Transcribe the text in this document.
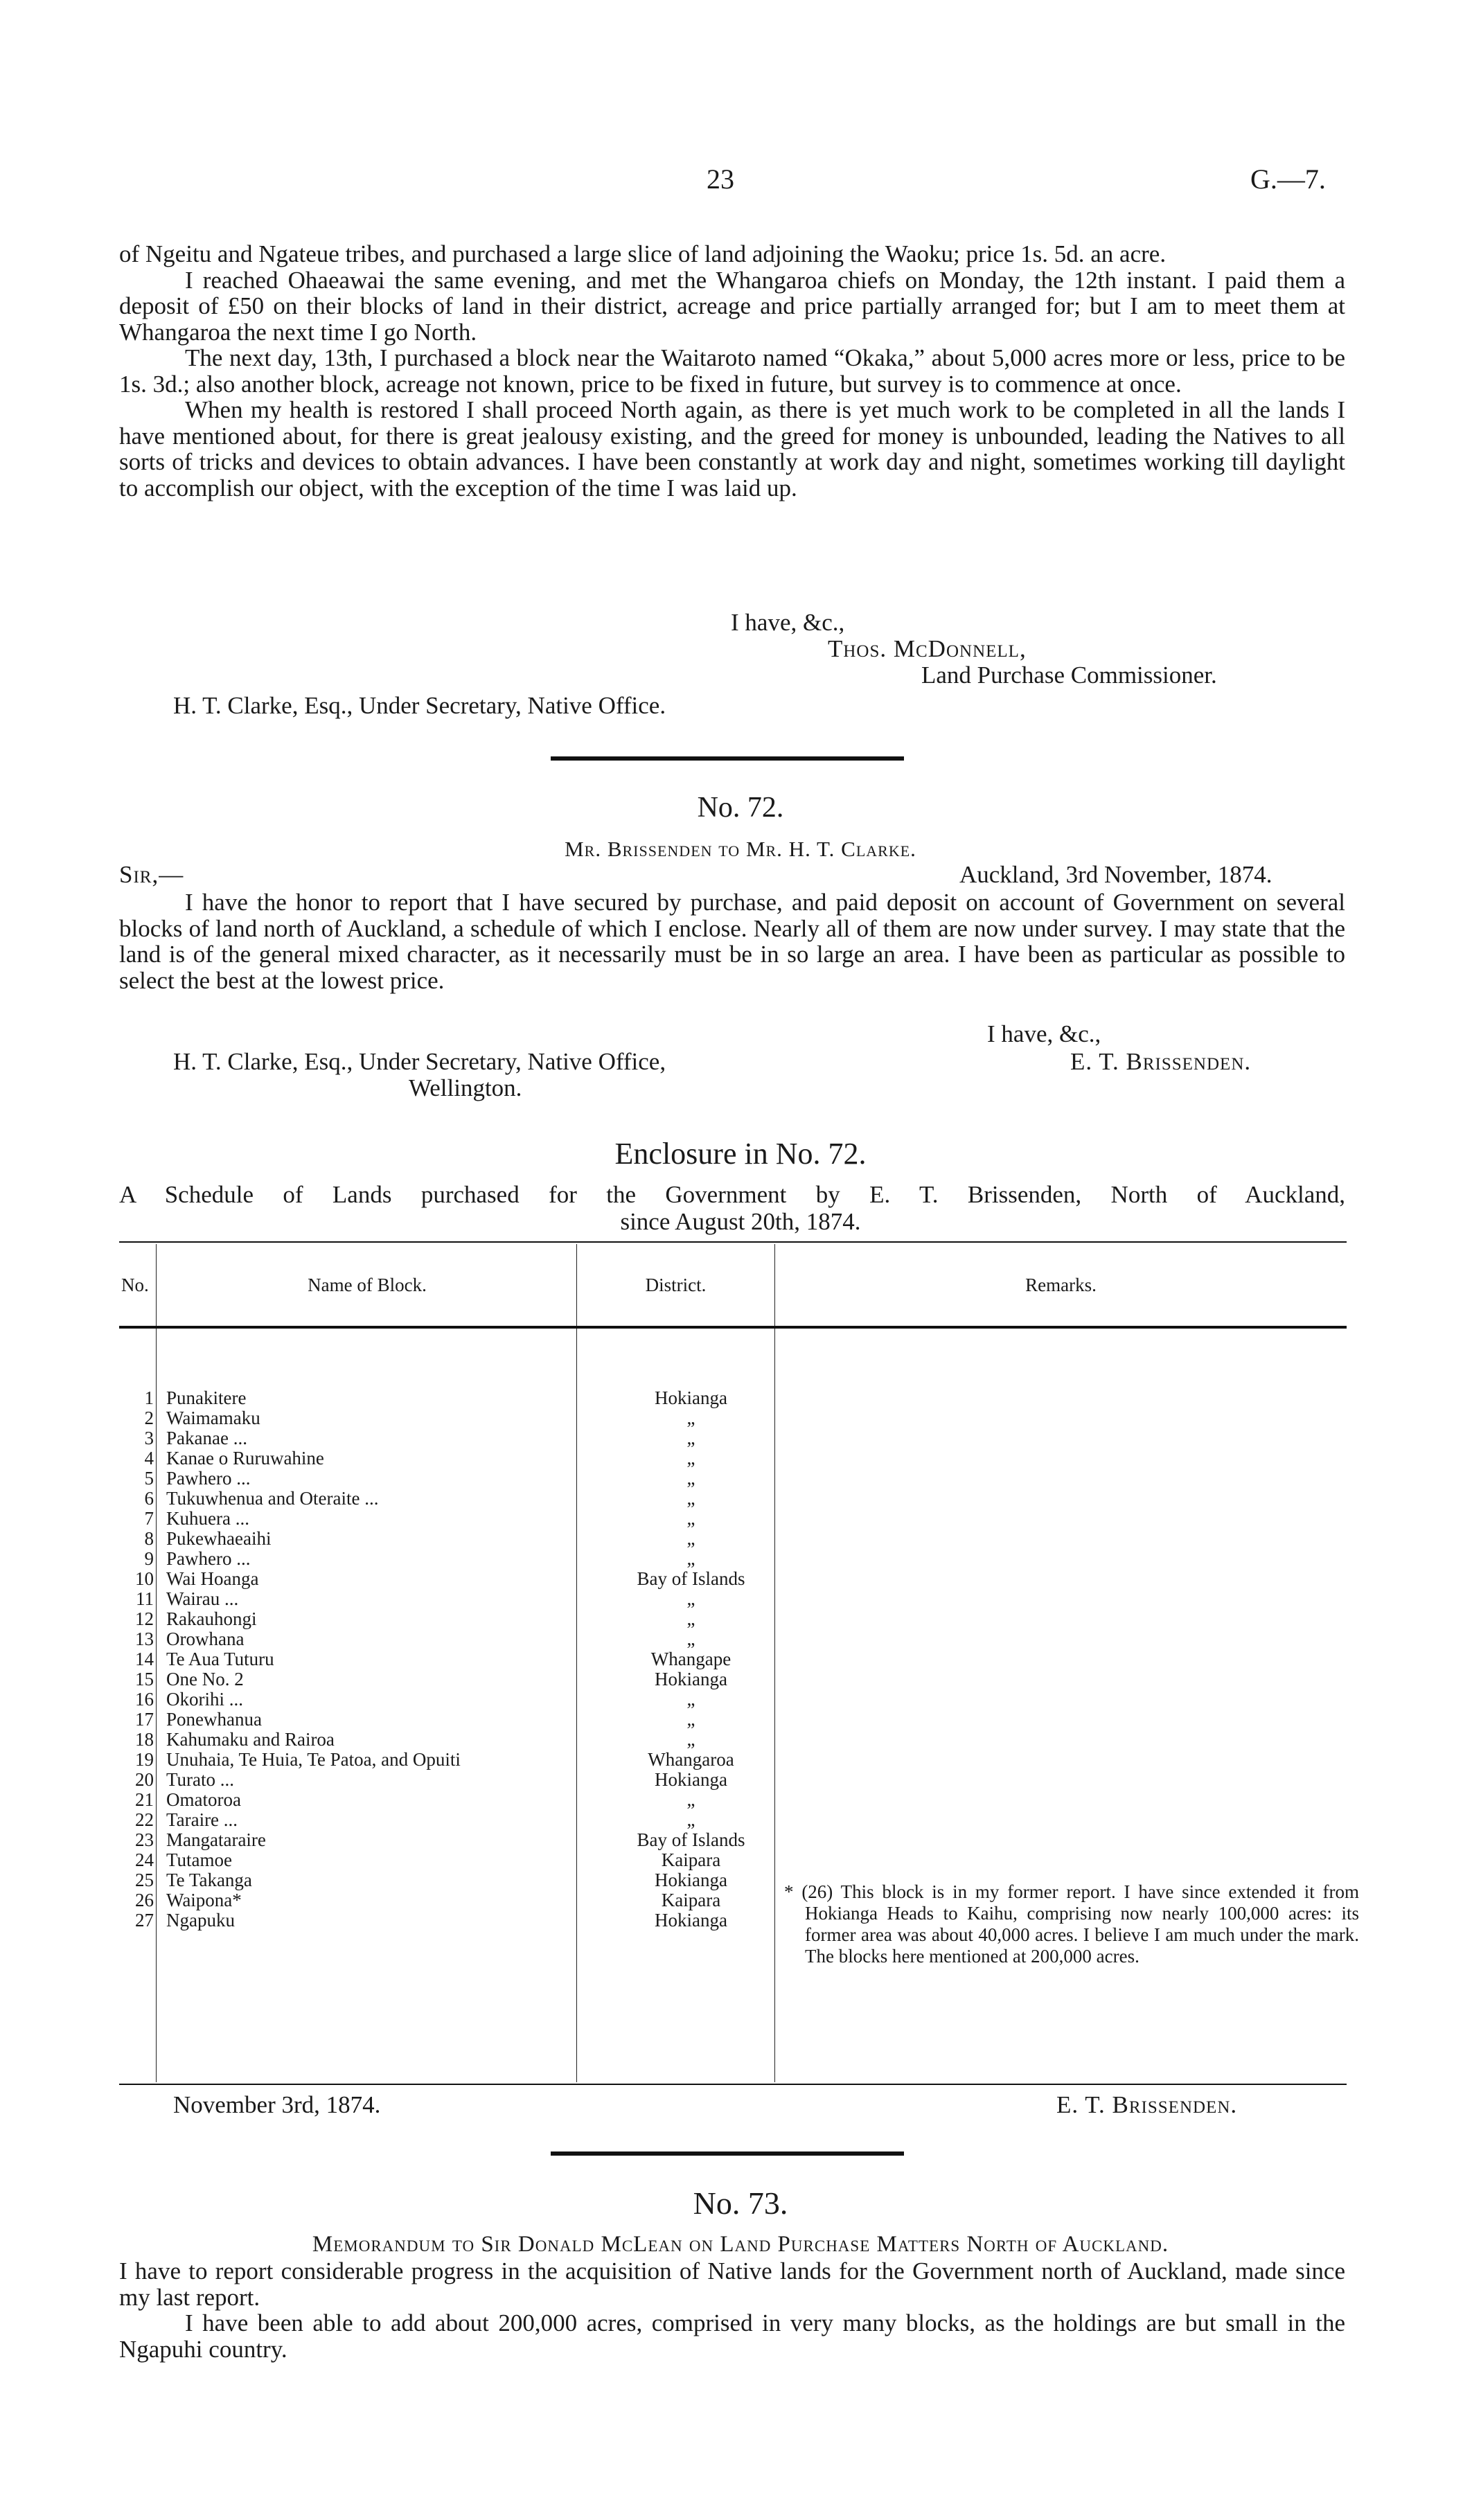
23	G.—7.

of Ngeitu and Ngateue tribes, and purchased a large slice of land adjoining the Waoku; price 1s. 5d. an acre.

I reached Ohaeawai the same evening, and met the Whangaroa chiefs on Monday, the 12th instant. I paid them a deposit of £50 on their blocks of land in their district, acreage and price partially arranged for; but I am to meet them at Whangaroa the next time I go North.

The next day, 13th, I purchased a block near the Waitaroto named “Okaka,” about 5,000 acres more or less, price to be 1s. 3d.; also another block, acreage not known, price to be fixed in future, but survey is to commence at once.

When my health is restored I shall proceed North again, as there is yet much work to be completed in all the lands I have mentioned about, for there is great jealousy existing, and the greed for money is unbounded, leading the Natives to all sorts of tricks and devices to obtain advances. I have been constantly at work day and night, sometimes working till daylight to accomplish our object, with the exception of the time I was laid up.

I have, &c.,
Thos. McDonnell,
Land Purchase Commissioner.
H. T. Clarke, Esq., Under Secretary, Native Office.
No. 72.
Mr. Brissenden to Mr. H. T. Clarke.
Sir,—	Auckland, 3rd November, 1874.

I have the honor to report that I have secured by purchase, and paid deposit on account of Government on several blocks of land north of Auckland, a schedule of which I enclose. Nearly all of them are now under survey. I may state that the land is of the general mixed character, as it necessarily must be in so large an area. I have been as particular as possible to select the best at the lowest price.

I have, &c.,
H. T. Clarke, Esq., Under Secretary, Native Office,	E. T. Brissenden.
Wellington.
Enclosure in No. 72.
A Schedule of Lands purchased for the Government by E. T. Brissenden, North of Auckland,
since August 20th, 1874.
No.	Name of Block.	District.	Remarks.
1 Punakitere	Hokianga
2 Waimamaku	„
3 Pakanae ...	„
4 Kanae o Ruruwahine	„
5 Pawhero ...	„
6 Tukuwhenua and Oteraite ...	„
7 Kuhuera ...	„
8 Pukewhaeaihi	„
9 Pawhero ...	„
10 Wai Hoanga	Bay of Islands
11 Wairau ...	„
12 Rakauhongi	„
13 Orowhana	„
14 Te Aua Tuturu	Whangape
15 One No. 2	Hokianga
16 Okorihi ...	„
17 Ponewhanua	„
18 Kahumaku and Rairoa	„
19 Unuhaia, Te Huia, Te Patoa, and Opuiti	Whangaroa
20 Turato ...	Hokianga
21 Omatoroa	„
22 Taraire ...	„
23 Mangataraire	Bay of Islands
24 Tutamoe	Kaipara
25 Te Takanga	Hokianga
26 Waipona*	Kaipara
27 Ngapuku	Hokianga
* (26) This block is in my former report. I have since extended it from Hokianga Heads to Kaihu, comprising now nearly 100,000 acres: its former area was about 40,000 acres. I believe I am much under the mark. The blocks here mentioned at 200,000 acres.
November 3rd, 1874.	E. T. Brissenden.
No. 73.
Memorandum to Sir Donald McLean on Land Purchase Matters North of Auckland.

I have to report considerable progress in the acquisition of Native lands for the Government north of Auckland, made since my last report.

I have been able to add about 200,000 acres, comprised in very many blocks, as the holdings are but small in the Ngapuhi country.
